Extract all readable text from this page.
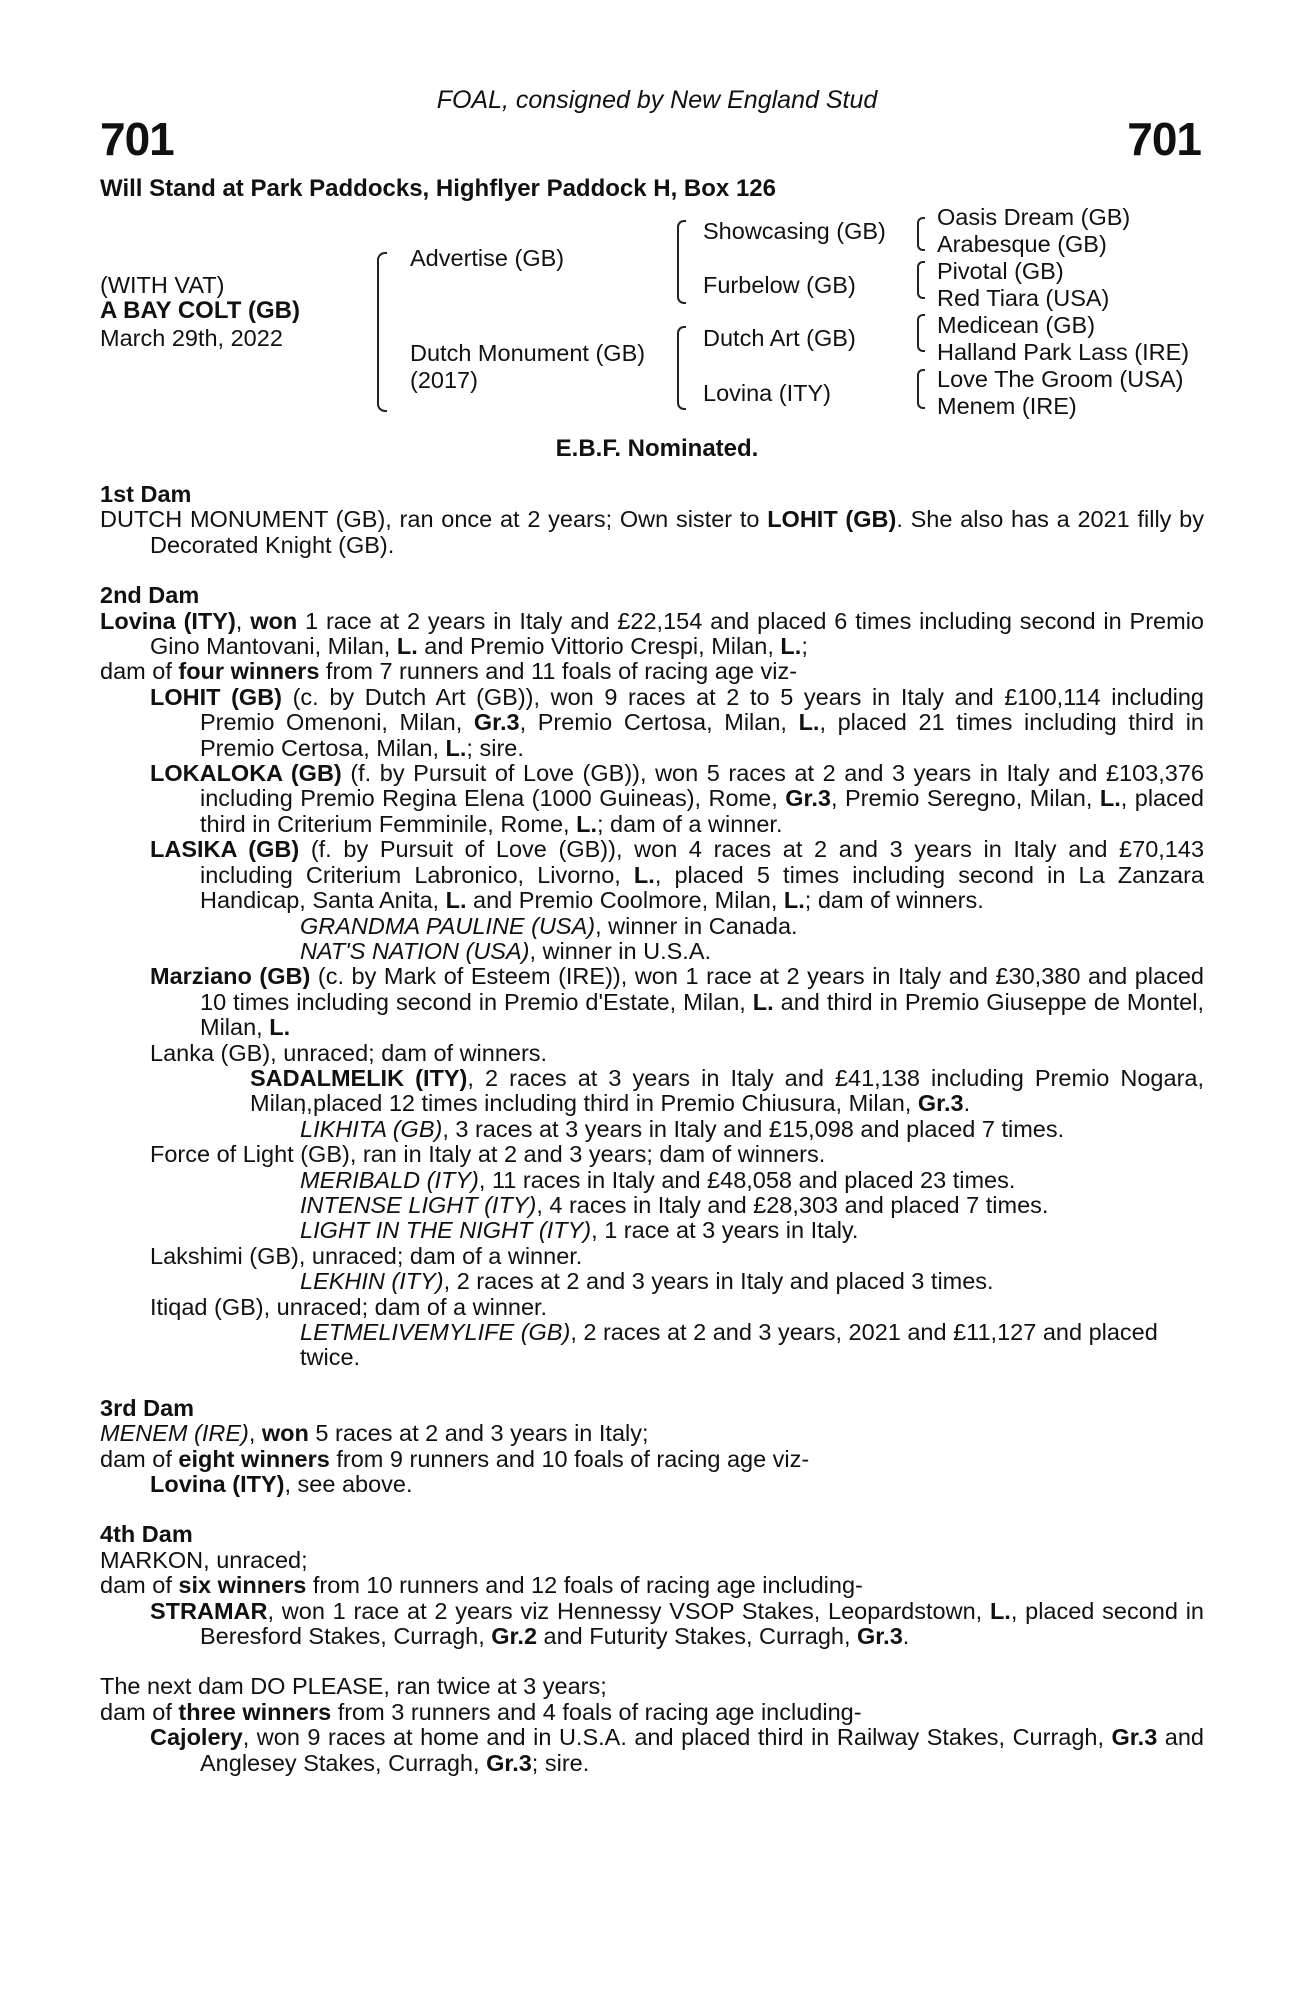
701	701
FOAL, consigned by New England Stud
Will Stand at Park Paddocks, Highflyer Paddock H, Box 126
(WITH VAT)
A BAY COLT (GB)
March 29th, 2022
Advertise (GB)
Dutch Monument (GB)
(2017)
Showcasing (GB)
Furbelow (GB)
Dutch Art (GB)
Lovina (ITY)
Oasis Dream (GB)
Arabesque (GB)
Pivotal (GB)
Red Tiara (USA)
Medicean (GB)
Halland Park Lass (IRE)
Love The Groom (USA)
Menem (IRE)
E.B.F. Nominated.

1st Dam

DUTCH MONUMENT (GB), ran once at 2 years; Own sister to LOHIT (GB). She also has a 2021 filly by Decorated Knight (GB).

2nd Dam

Lovina (ITY), won 1 race at 2 years in Italy and £22,154 and placed 6 times including second in Premio Gino Mantovani, Milan, L. and Premio Vittorio Crespi, Milan, L.;

dam of four winners from 7 runners and 11 foals of racing age viz-

LOHIT (GB) (c. by Dutch Art (GB)), won 9 races at 2 to 5 years in Italy and £100,114 including Premio Omenoni, Milan, Gr.3, Premio Certosa, Milan, L., placed 21 times including third in Premio Certosa, Milan, L.; sire.

LOKALOKA (GB) (f. by Pursuit of Love (GB)), won 5 races at 2 and 3 years in Italy and £103,376 including Premio Regina Elena (1000 Guineas), Rome, Gr.3, Premio Seregno, Milan, L., placed third in Criterium Femminile, Rome, L.; dam of a winner.

LASIKA (GB) (f. by Pursuit of Love (GB)), won 4 races at 2 and 3 years in Italy and £70,143 including Criterium Labronico, Livorno, L., placed 5 times including second in La Zanzara Handicap, Santa Anita, L. and Premio Coolmore, Milan, L.; dam of winners.

GRANDMA PAULINE (USA), winner in Canada.

NAT'S NATION (USA), winner in U.S.A.

Marziano (GB) (c. by Mark of Esteem (IRE)), won 1 race at 2 years in Italy and £30,380 and placed 10 times including second in Premio d'Estate, Milan, L. and third in Premio Giuseppe de Montel, Milan, L.

Lanka (GB), unraced; dam of winners.

SADALMELIK (ITY), 2 races at 3 years in Italy and £41,138 including Premio Nogara, Milan,

, placed 12 times including third in Premio Chiusura, Milan, Gr.3.

LIKHITA (GB), 3 races at 3 years in Italy and £15,098 and placed 7 times.

Force of Light (GB), ran in Italy at 2 and 3 years; dam of winners.

MERIBALD (ITY), 11 races in Italy and £48,058 and placed 23 times.

INTENSE LIGHT (ITY), 4 races in Italy and £28,303 and placed 7 times.

LIGHT IN THE NIGHT (ITY), 1 race at 3 years in Italy.

Lakshimi (GB), unraced; dam of a winner.

LEKHIN (ITY), 2 races at 2 and 3 years in Italy and placed 3 times.

Itiqad (GB), unraced; dam of a winner.

LETMELIVEMYLIFE (GB), 2 races at 2 and 3 years, 2021 and £11,127 and placed twice.

3rd Dam

MENEM (IRE), won 5 races at 2 and 3 years in Italy;

dam of eight winners from 9 runners and 10 foals of racing age viz-

Lovina (ITY), see above.

4th Dam

MARKON, unraced;

dam of six winners from 10 runners and 12 foals of racing age including-

STRAMAR, won 1 race at 2 years viz Hennessy VSOP Stakes, Leopardstown, L., placed second in Beresford Stakes, Curragh, Gr.2 and Futurity Stakes, Curragh, Gr.3.

The next dam DO PLEASE, ran twice at 3 years;

dam of three winners from 3 runners and 4 foals of racing age including-

Cajolery, won 9 races at home and in U.S.A. and placed third in Railway Stakes, Curragh, Gr.3 and Anglesey Stakes, Curragh, Gr.3; sire.
